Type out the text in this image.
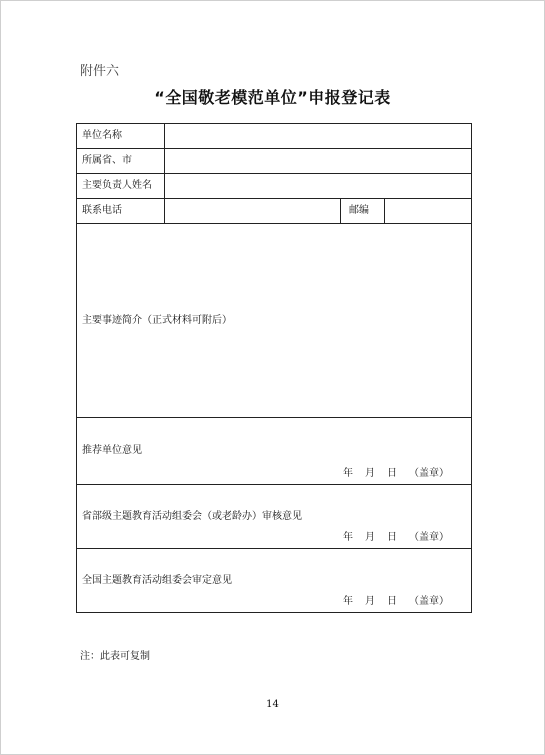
附件六
“全国敬老模范单位”申报登记表
单位名称			
所属省、市			
主要负责人姓名			
联系电话		邮编	
主要事迹简介（正式材料可附后）			
推荐单位意见
年 月 日 （盖章）			

省部级主题教育活动组委会（或老龄办）审核意见
年 月 日 （盖章）			

全国主题教育活动组委会审定意见
年 月 日 （盖章）			
注：此表可复制
14
